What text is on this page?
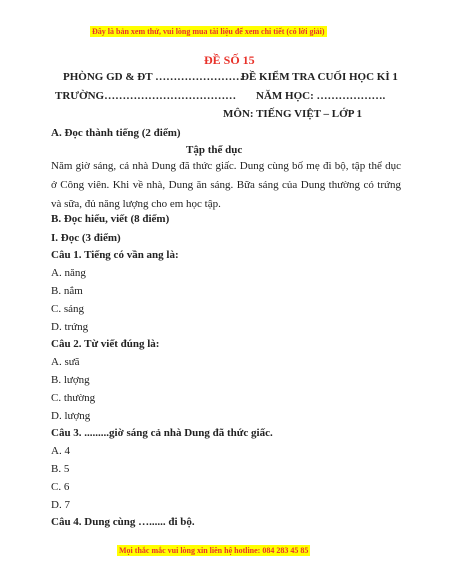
Đây là bản xem thử, vui lòng mua tài liệu để xem chi tiết (có lời giải)
ĐỀ SỐ 15
PHÒNG GD & ĐT ……………………
ĐỀ KIỂM TRA CUỐI HỌC KÌ 1
TRƯỜNG……………………………… NĂM HỌC: ……………….
MÔN: TIẾNG VIỆT – LỚP 1
A. Đọc thành tiếng (2 điểm)
Tập thể dục
Năm giờ sáng, cả nhà Dung đã thức giấc. Dung cùng bố mẹ đi bộ, tập thể dục ở Công viên. Khi về nhà, Dung ăn sáng. Bữa sáng của Dung thường có trứng và sữa, đủ năng lượng cho em học tập.
B. Đọc hiểu, viết (8 điểm)
I. Đọc (3 điểm)
Câu 1. Tiếng có vần ang là:
A. năng
B. nắm
C. sáng
D. trứng
Câu 2. Từ viết đúng là:
A. sưã
B. lượng
C. thường
D. lượng
Câu 3. .........giờ sáng cả nhà Dung đã thức giấc.
A. 4
B. 5
C. 6
D. 7
Câu 4. Dung cùng …...... đi bộ.
Mọi thắc mắc vui lòng xin liên hệ hotline: 084 283 45 85
